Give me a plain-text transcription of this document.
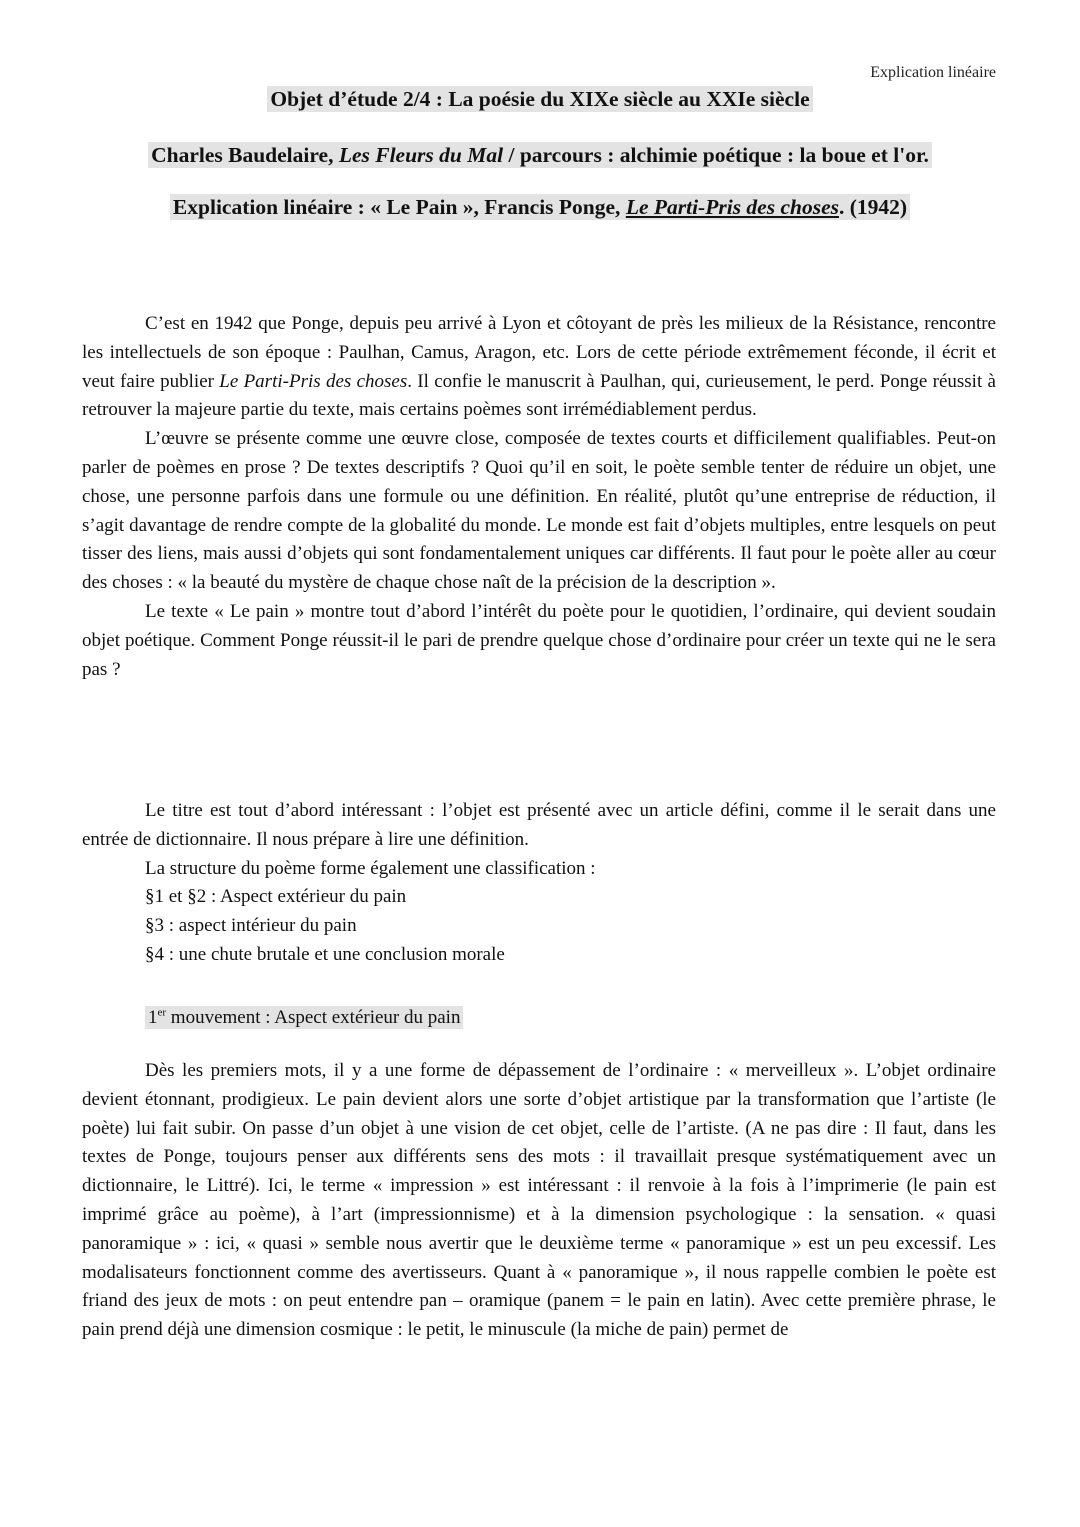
Explication linéaire
Objet d’étude 2/4 : La poésie du XIXe siècle au XXIe siècle
Charles Baudelaire, Les Fleurs du Mal / parcours : alchimie poétique : la boue et l'or.
Explication linéaire : « Le Pain », Francis Ponge, Le Parti-Pris des choses. (1942)

C’est en 1942 que Ponge, depuis peu arrivé à Lyon et côtoyant de près les milieux de la Résistance, rencontre les intellectuels de son époque : Paulhan, Camus, Aragon, etc. Lors de cette période extrêmement féconde, il écrit et veut faire publier Le Parti-Pris des choses. Il confie le manuscrit à Paulhan, qui, curieusement, le perd. Ponge réussit à retrouver la majeure partie du texte, mais certains poèmes sont irrémédiablement perdus.

L’œuvre se présente comme une œuvre close, composée de textes courts et difficilement qualifiables. Peut-on parler de poèmes en prose ? De textes descriptifs ? Quoi qu’il en soit, le poète semble tenter de réduire un objet, une chose, une personne parfois dans une formule ou une définition. En réalité, plutôt qu’une entreprise de réduction, il s’agit davantage de rendre compte de la globalité du monde. Le monde est fait d’objets multiples, entre lesquels on peut tisser des liens, mais aussi d’objets qui sont fondamentalement uniques car différents. Il faut pour le poète aller au cœur des choses : « la beauté du mystère de chaque chose naît de la précision de la description ».

Le texte « Le pain » montre tout d’abord l’intérêt du poète pour le quotidien, l’ordinaire, qui devient soudain objet poétique. Comment Ponge réussit-il le pari de prendre quelque chose d’ordinaire pour créer un texte qui ne le sera pas ?

Le titre est tout d’abord intéressant : l’objet est présenté avec un article défini, comme il le serait dans une entrée de dictionnaire. Il nous prépare à lire une définition.

La structure du poème forme également une classification :

§1 et §2 : Aspect extérieur du pain

§3 : aspect intérieur du pain

§4 : une chute brutale et une conclusion morale

1er mouvement : Aspect extérieur du pain

Dès les premiers mots, il y a une forme de dépassement de l’ordinaire : « merveilleux ». L’objet ordinaire devient étonnant, prodigieux. Le pain devient alors une sorte d’objet artistique par la transformation que l’artiste (le poète) lui fait subir. On passe d’un objet à une vision de cet objet, celle de l’artiste. (A ne pas dire : Il faut, dans les textes de Ponge, toujours penser aux différents sens des mots : il travaillait presque systématiquement avec un dictionnaire, le Littré). Ici, le terme « impression » est intéressant : il renvoie à la fois à l’imprimerie (le pain est imprimé grâce au poème), à l’art (impressionnisme) et à la dimension psychologique : la sensation. « quasi panoramique » : ici, « quasi » semble nous avertir que le deuxième terme « panoramique » est un peu excessif. Les modalisateurs fonctionnent comme des avertisseurs. Quant à « panoramique », il nous rappelle combien le poète est friand des jeux de mots : on peut entendre pan – oramique (panem = le pain en latin). Avec cette première phrase, le pain prend déjà une dimension cosmique : le petit, le minuscule (la miche de pain) permet de
